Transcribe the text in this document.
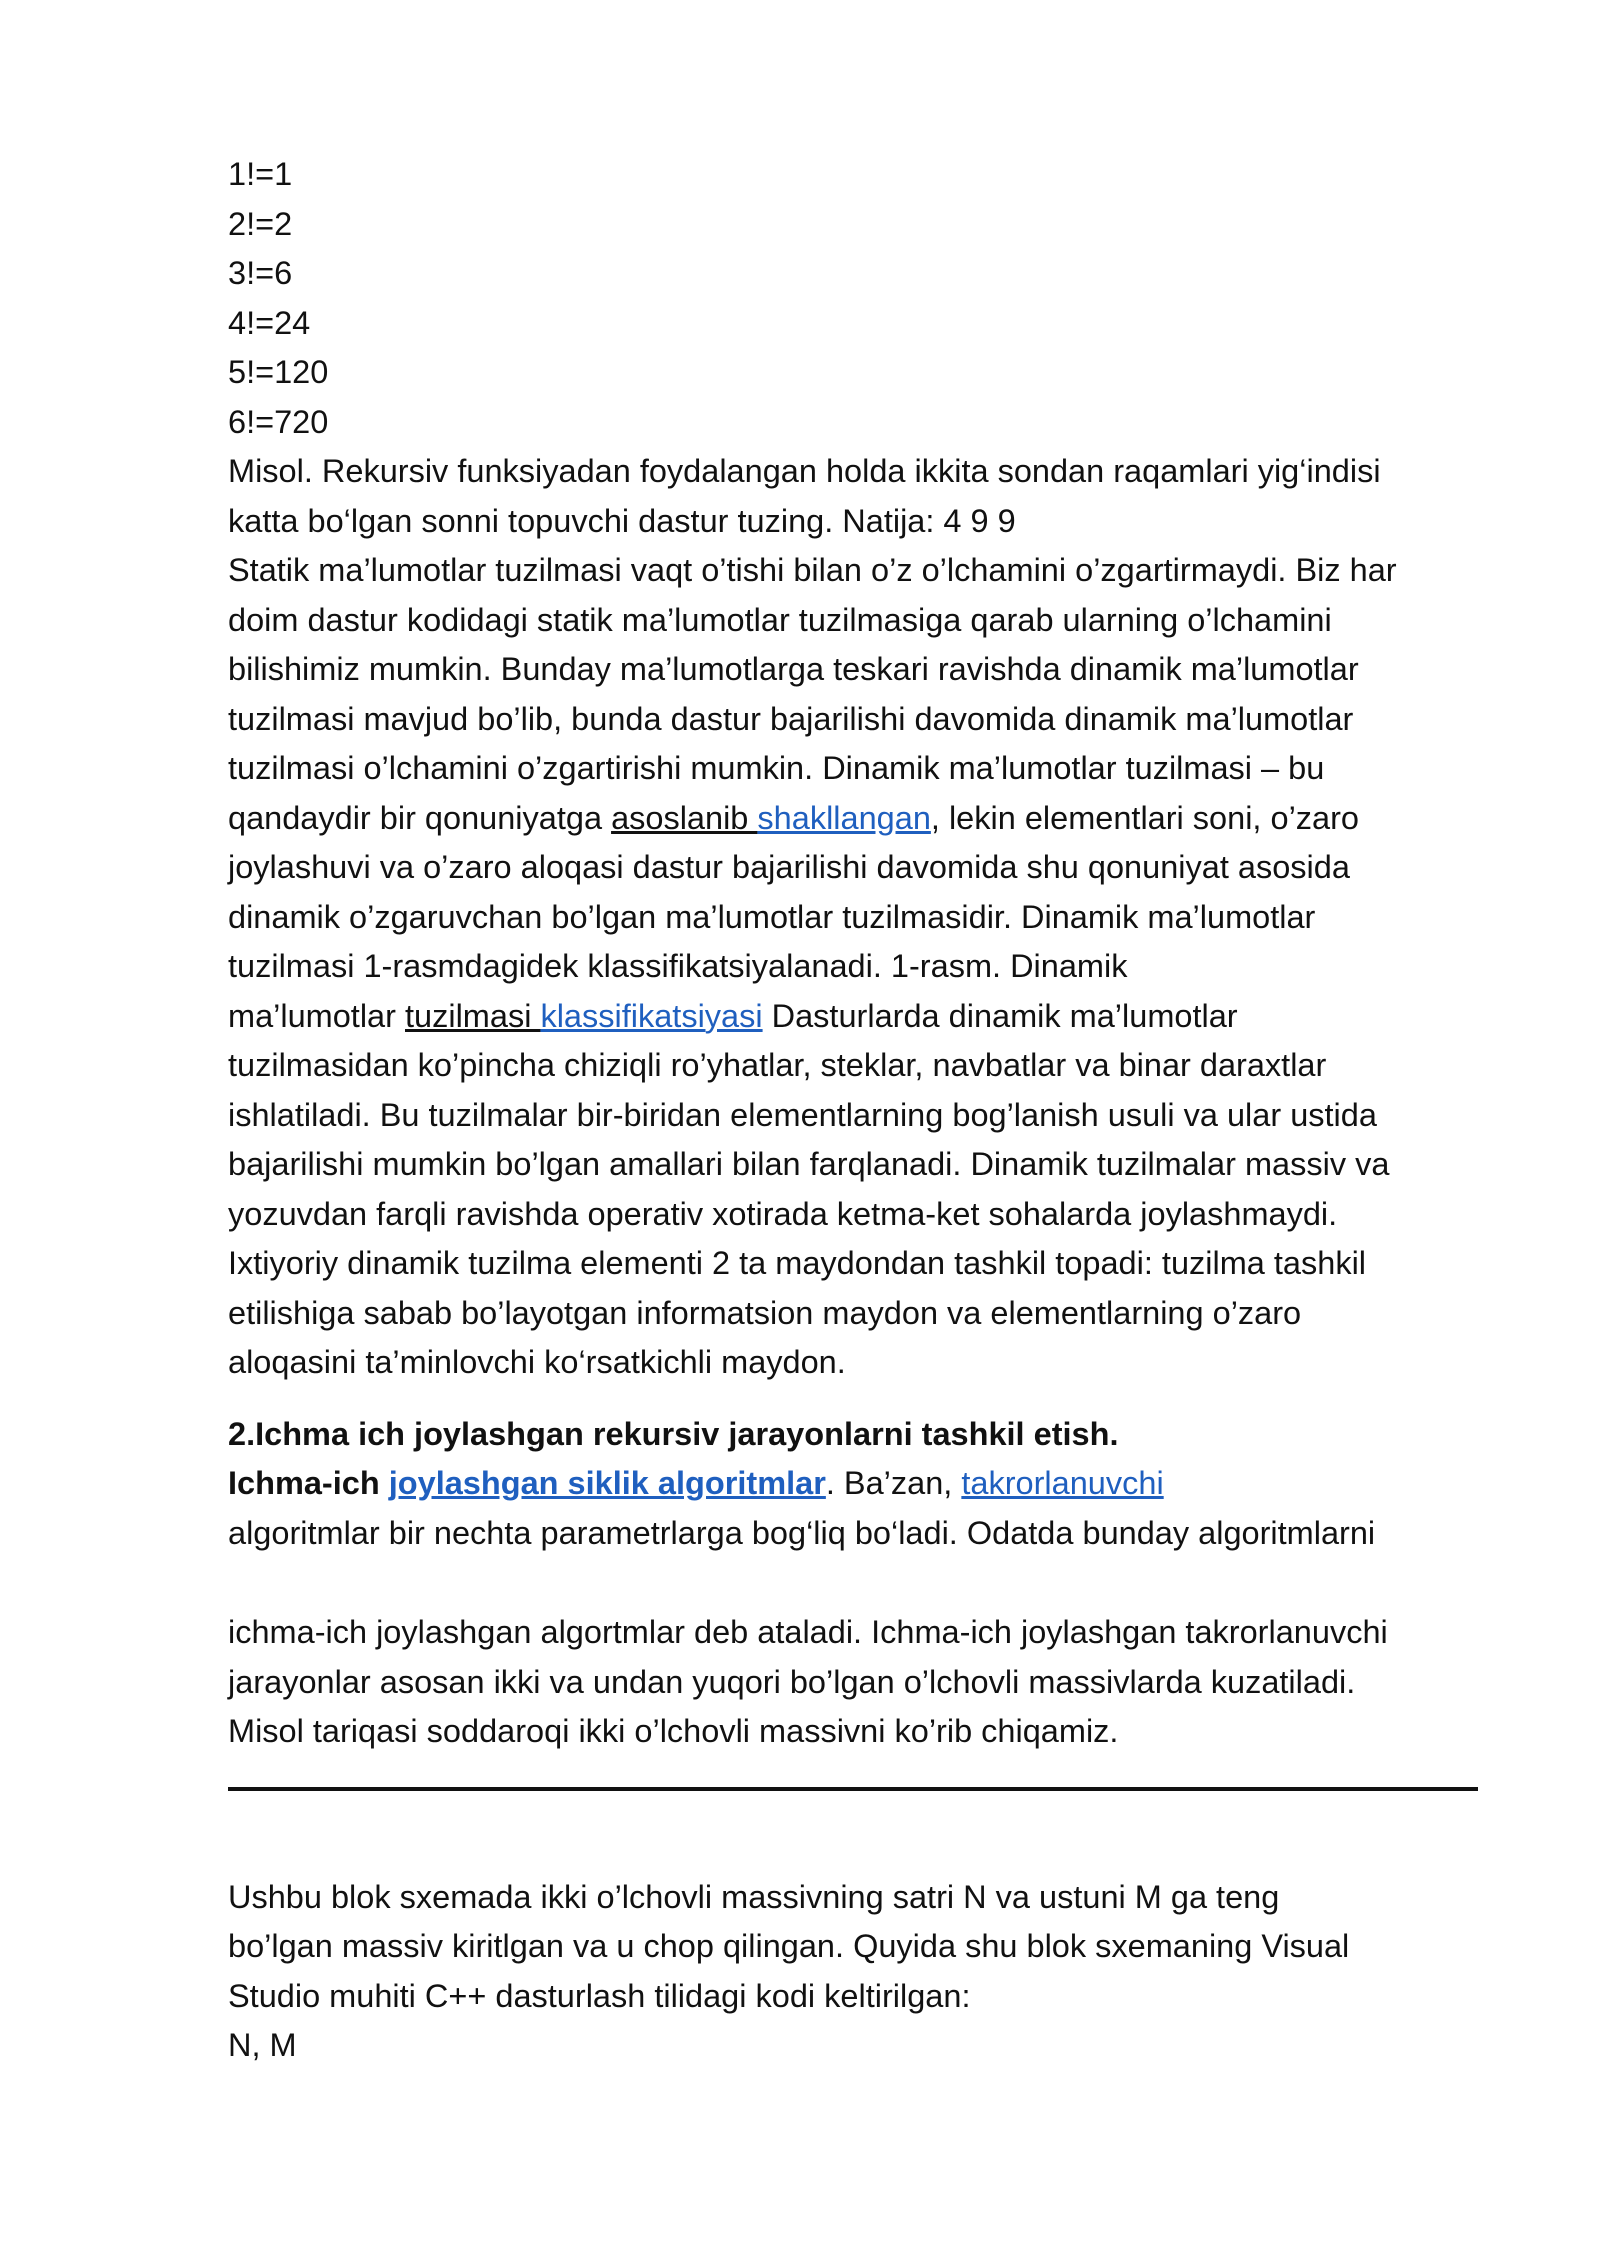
1!=1
2!=2
3!=6
4!=24
5!=120
6!=720
Misol. Rekursiv funksiyadan foydalangan holda ikkita sondan raqamlari yig‘indisi
katta bo‘lgan sonni topuvchi dastur tuzing. Natija: 4 9 9
Statik ma’lumotlar tuzilmasi vaqt o’tishi bilan o’z o’lchamini o’zgartirmaydi. Biz har
doim dastur kodidagi statik ma’lumotlar tuzilmasiga qarab ularning o’lchamini
bilishimiz mumkin. Bunday ma’lumotlarga teskari ravishda dinamik ma’lumotlar
tuzilmasi mavjud bo’lib, bunda dastur bajarilishi davomida dinamik ma’lumotlar
tuzilmasi o’lchamini o’zgartirishi mumkin. Dinamik ma’lumotlar tuzilmasi – bu
qandaydir bir qonuniyatga asoslanib shakllangan, lekin elementlari soni, o’zaro
joylashuvi va o’zaro aloqasi dastur bajarilishi davomida shu qonuniyat asosida
dinamik o’zgaruvchan bo’lgan ma’lumotlar tuzilmasidir. Dinamik ma’lumotlar
tuzilmasi 1-rasmdagidek klassifikatsiyalanadi. 1-rasm. Dinamik
ma’lumotlar tuzilmasi klassifikatsiyasi Dasturlarda dinamik ma’lumotlar
tuzilmasidan ko’pincha chiziqli ro’yhatlar, steklar, navbatlar va binar daraxtlar
ishlatiladi. Bu tuzilmalar bir-biridan elementlarning bog’lanish usuli va ular ustida
bajarilishi mumkin bo’lgan amallari bilan farqlanadi. Dinamik tuzilmalar massiv va
yozuvdan farqli ravishda operativ xotirada ketma-ket sohalarda joylashmaydi.
Ixtiyoriy dinamik tuzilma elementi 2 ta maydondan tashkil topadi: tuzilma tashkil
etilishiga sabab bo’layotgan informatsion maydon va elementlarning o’zaro
aloqasini ta’minlovchi ko‘rsatkichli maydon.
2.Ichma ich joylashgan rekursiv jarayonlarni tashkil etish.
Ichma-ich joylashgan siklik algoritmlar. Ba’zan, takrorlanuvchi
algoritmlar bir nechta parametrlarga bog‘liq bo‘ladi. Odatda bunday algoritmlarni
ichma-ich joylashgan algortmlar deb ataladi. Ichma-ich joylashgan takrorlanuvchi
jarayonlar asosan ikki va undan yuqori bo’lgan o’lchovli massivlarda kuzatiladi.
Misol tariqasi soddaroqi ikki o’lchovli massivni ko’rib chiqamiz.
Ushbu blok sxemada ikki o’lchovli massivning satri N va ustuni M ga teng
bo’lgan massiv kiritlgan va u chop qilingan. Quyida shu blok sxemaning Visual
Studio muhiti C++ dasturlash tilidagi kodi keltirilgan:
N, M
